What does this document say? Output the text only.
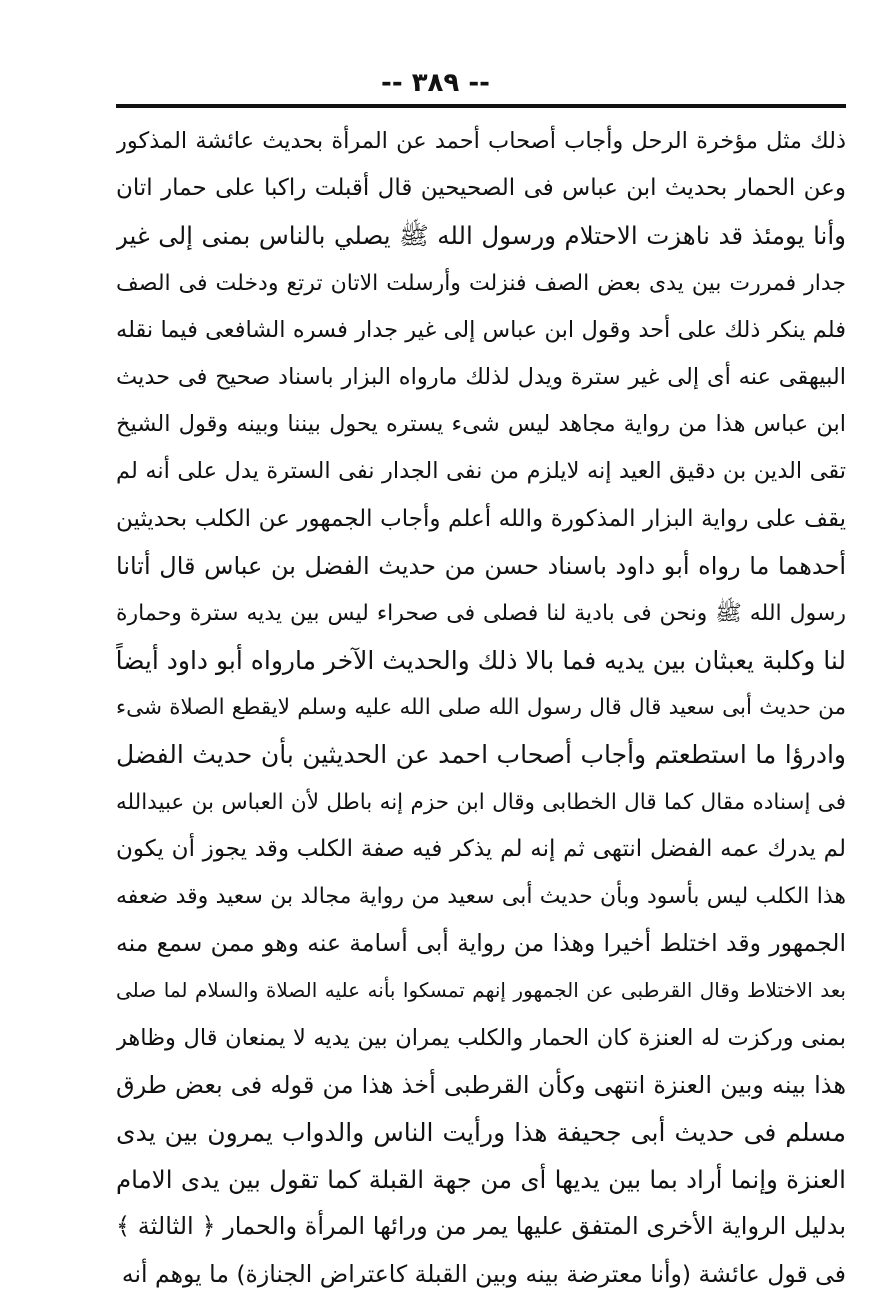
-- ٣٨٩ --
ذلك مثل مؤخرة الرحل وأجاب أصحاب أحمد عن المرأة بحديث عائشة المذكور
وعن الحمار بحديث ابن عباس فى الصحيحين قال أقبلت راكبا على حمار اتان
وأنا يومئذ قد ناهزت الاحتلام ورسول الله ﷺ يصلي بالناس بمنى إلى غير
جدار فمررت بين يدى بعض الصف فنزلت وأرسلت الاتان ترتع ودخلت فى الصف
فلم ينكر ذلك على أحد وقول ابن عباس إلى غير جدار فسره الشافعى فيما نقله
البيهقى عنه أى إلى غير سترة ويدل لذلك مارواه البزار باسناد صحيح فى حديث
ابن عباس هذا من رواية مجاهد ليس شىء يستره يحول بيننا وبينه وقول الشيخ
تقى الدين بن دقيق العيد إنه لايلزم من نفى الجدار نفى السترة يدل على أنه لم
يقف على رواية البزار المذكورة والله أعلم وأجاب الجمهور عن الكلب بحديثين
أحدهما ما رواه أبو داود باسناد حسن من حديث الفضل بن عباس قال أتانا
رسول الله ﷺ ونحن فى بادية لنا فصلى فى صحراء ليس بين يديه سترة وحمارة
لنا وكلبة يعبثان بين يديه فما بالا ذلك والحديث الآخر مارواه أبو داود أيضاً
من حديث أبى سعيد قال قال رسول الله صلى الله عليه وسلم لايقطع الصلاة شىء
وادرؤا ما استطعتم وأجاب أصحاب احمد عن الحديثين بأن حديث الفضل
فى إسناده مقال كما قال الخطابى وقال ابن حزم إنه باطل لأن العباس بن عبيدالله
لم يدرك عمه الفضل انتهى ثم إنه لم يذكر فيه صفة الكلب وقد يجوز أن يكون
هذا الكلب ليس بأسود وبأن حديث أبى سعيد من رواية مجالد بن سعيد وقد ضعفه
الجمهور وقد اختلط أخيرا وهذا من رواية أبى أسامة عنه وهو ممن سمع منه
بعد الاختلاط وقال القرطبى عن الجمهور إنهم تمسكوا بأنه عليه الصلاة والسلام لما صلى
بمنى وركزت له العنزة كان الحمار والكلب يمران بين يديه لا يمنعان قال وظاهر
هذا بينه وبين العنزة انتهى وكأن القرطبى أخذ هذا من قوله فى بعض طرق
مسلم فى حديث أبى جحيفة هذا ورأيت الناس والدواب يمرون بين يدى
العنزة وإنما أراد بما بين يديها أى من جهة القبلة كما تقول بين يدى الامام
بدليل الرواية الأخرى المتفق عليها يمر من ورائها المرأة والحمار ﴿ الثالثة ﴾
فى قول عائشة (وأنا معترضة بينه وبين القبلة كاعتراض الجنازة) ما يوهم أنه
